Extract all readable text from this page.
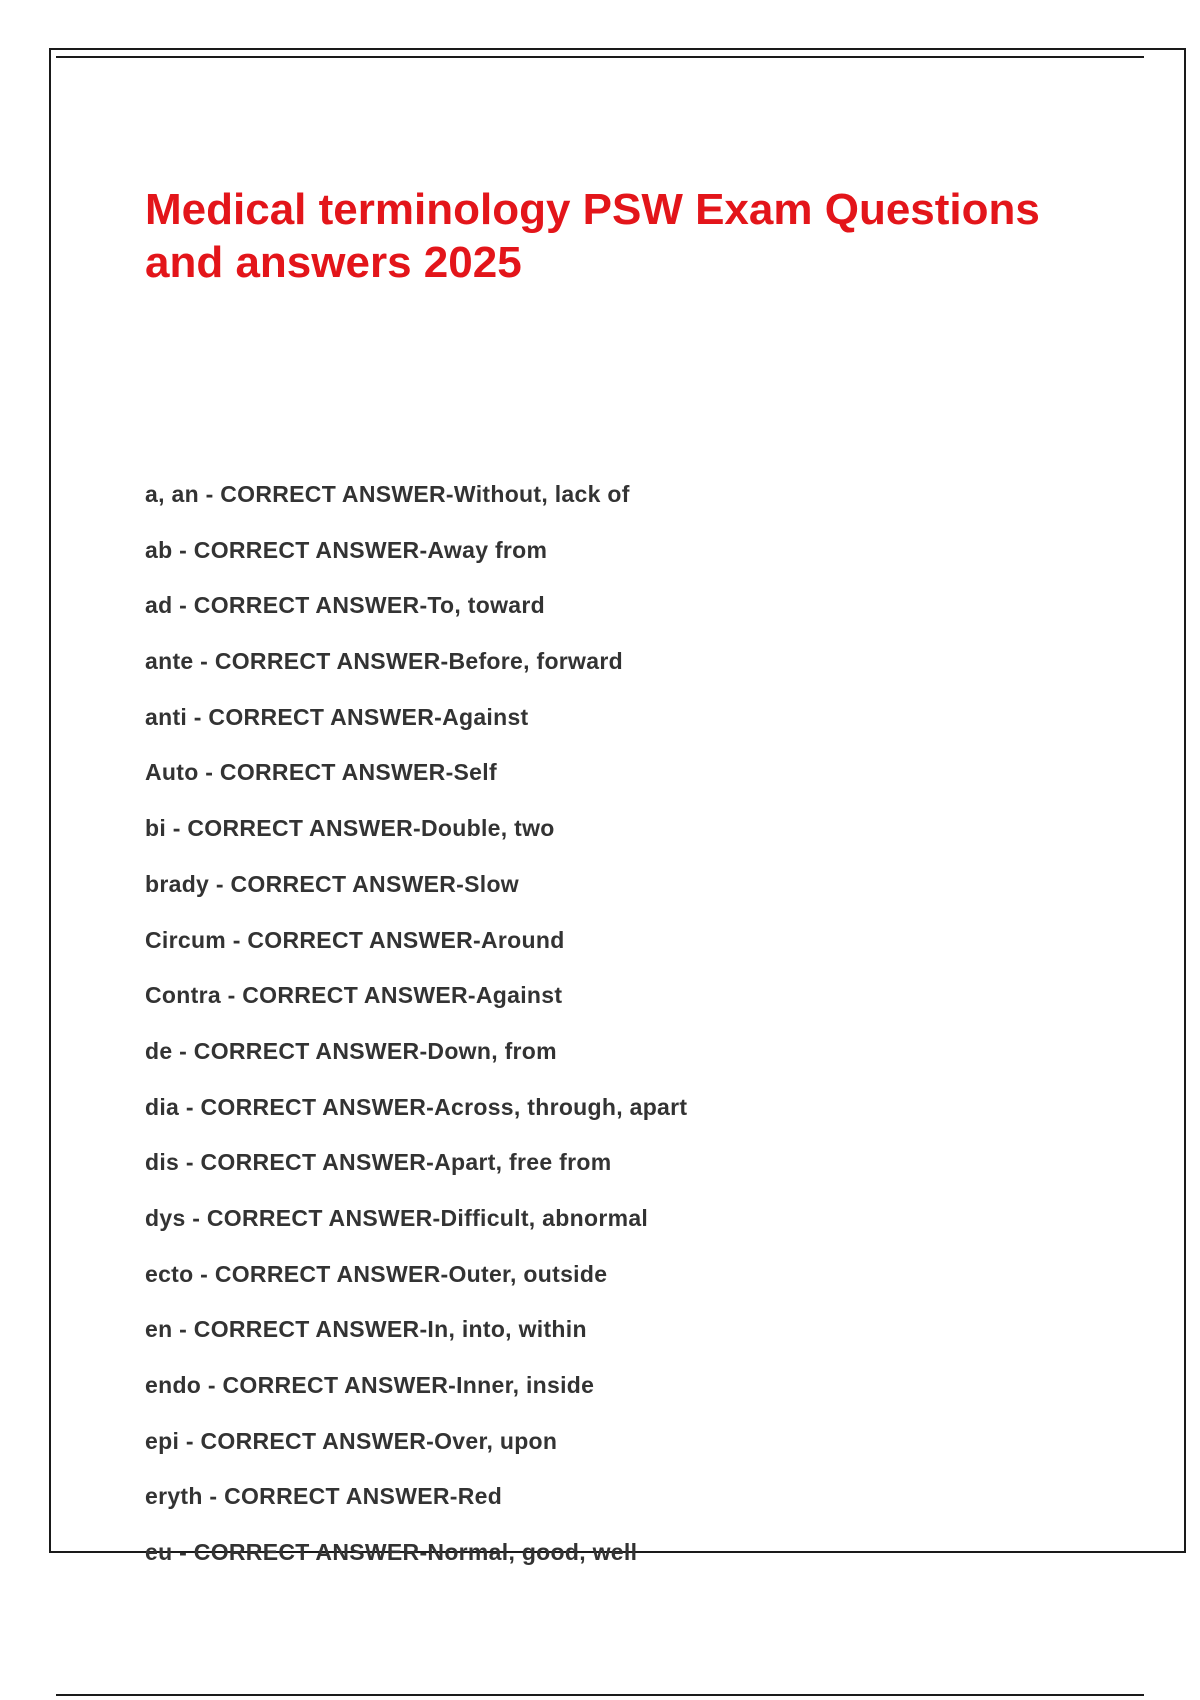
Medical terminology PSW Exam Questions and answers 2025
a, an - CORRECT ANSWER-Without, lack of
ab - CORRECT ANSWER-Away from
ad - CORRECT ANSWER-To, toward
ante - CORRECT ANSWER-Before, forward
anti - CORRECT ANSWER-Against
Auto - CORRECT ANSWER-Self
bi - CORRECT ANSWER-Double, two
brady - CORRECT ANSWER-Slow
Circum - CORRECT ANSWER-Around
Contra - CORRECT ANSWER-Against
de - CORRECT ANSWER-Down, from
dia - CORRECT ANSWER-Across, through, apart
dis - CORRECT ANSWER-Apart, free from
dys - CORRECT ANSWER-Difficult, abnormal
ecto - CORRECT ANSWER-Outer, outside
en - CORRECT ANSWER-In, into, within
endo - CORRECT ANSWER-Inner, inside
epi - CORRECT ANSWER-Over, upon
eryth - CORRECT ANSWER-Red
eu - CORRECT ANSWER-Normal, good, well
